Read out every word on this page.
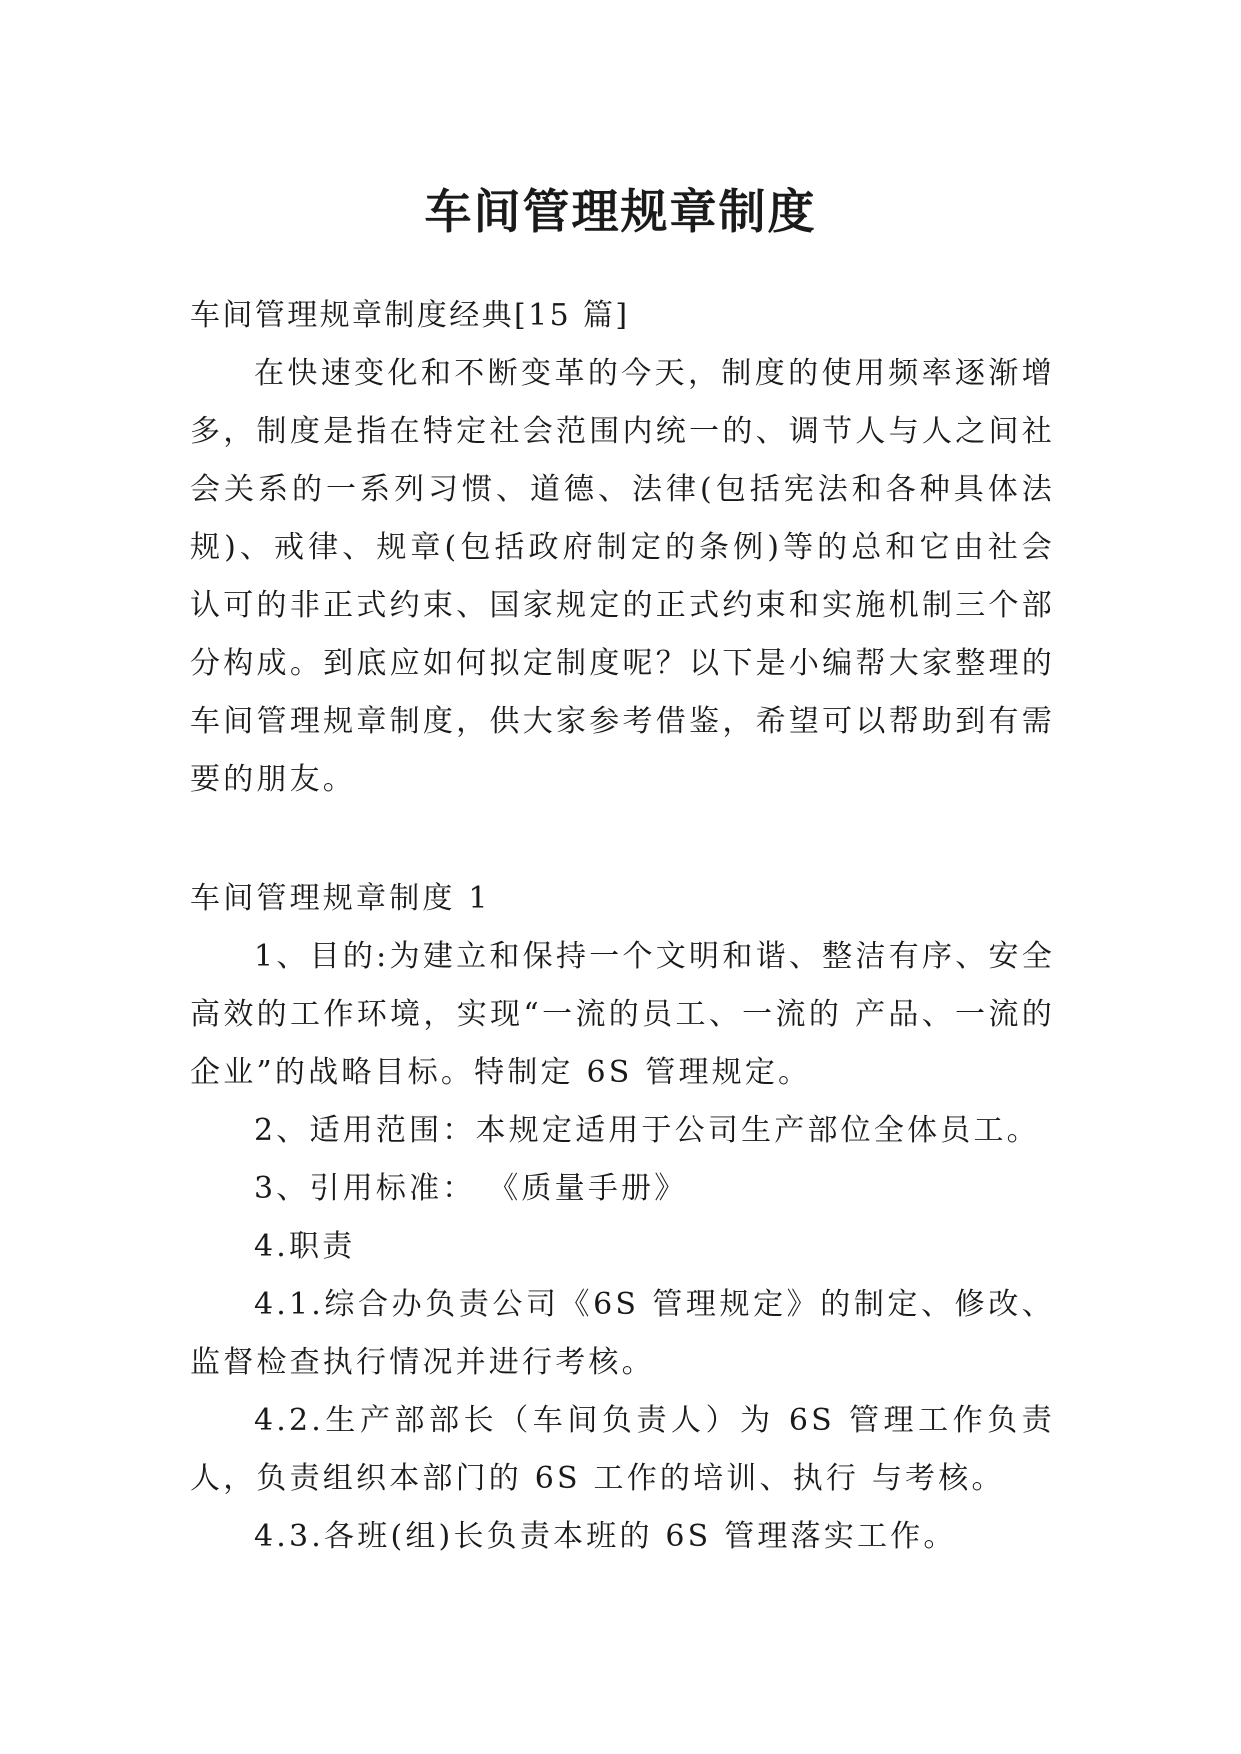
车间管理规章制度

车间管理规章制度经典[15 篇]

在快速变化和不断变革的今天，制度的使用频率逐渐增多，制度是指在特定社会范围内统一的、调节人与人之间社会关系的一系列习惯、道德、法律(包括宪法和各种具体法规)、戒律、规章(包括政府制定的条例)等的总和它由社会认可的非正式约束、国家规定的正式约束和实施机制三个部分构成。到底应如何拟定制度呢？以下是小编帮大家整理的车间管理规章制度，供大家参考借鉴，希望可以帮助到有需要的朋友。

车间管理规章制度 1

1、目的:为建立和保持一个文明和谐、整洁有序、安全高效的工作环境，实现“一流的员工、一流的 产品、一流的企业”的战略目标。特制定 6S 管理规定。

2、适用范围：本规定适用于公司生产部位全体员工。

3、引用标准： 《质量手册》

4.职责

4.1.综合办负责公司《6S 管理规定》的制定、修改、监督检查执行情况并进行考核。

4.2.生产部部长（车间负责人）为 6S 管理工作负责人，负责组织本部门的 6S 工作的培训、执行 与考核。

4.3.各班(组)长负责本班的 6S 管理落实工作。
